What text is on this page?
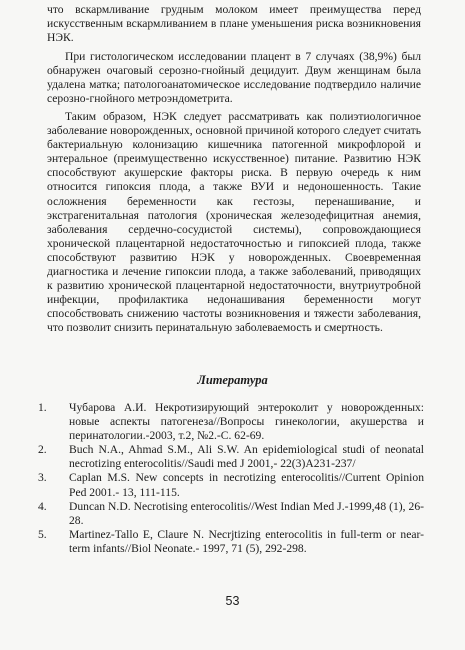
что вскармливание грудным молоком имеет преимущества перед искусственным вскармливанием в плане уменьшения риска возникновения НЭК.

При гистологическом исследовании плацент в 7 случаях (38,9%) был обнаружен очаговый серозно-гнойный децидуит. Двум женщинам была удалена матка; патологоанатомическое исследование подтвердило наличие серозно-гнойного метроэндометрита.

Таким образом, НЭК следует рассматривать как полиэтиологичное заболевание новорожденных, основной причиной которого следует считать бактериальную колонизацию кишечника патогенной микрофлорой и энтеральное (преимущественно искусственное) питание. Развитию НЭК способствуют акушерские факторы риска. В первую очередь к ним относится гипоксия плода, а также ВУИ и недоношенность. Такие осложнения беременности как гестозы, перенашивание, и экстрагенитальная патология (хроническая железодефицитная анемия, заболевания сердечно-сосудистой системы), сопровождающиеся хронической плацентарной недостаточностью и гипоксией плода, также способствуют развитию НЭК у новорожденных. Своевременная диагностика и лечение гипоксии плода, а также заболеваний, приводящих к развитию хронической плацентарной недостаточности, внутриутробной инфекции, профилактика недонашивания беременности могут способствовать снижению частоты возникновения и тяжести заболевания, что позволит снизить перинатальную заболеваемость и смертность.

Литература
1.	Чубарова А.И. Некротизирующий энтероколит у новорожденных: новые аспекты патогенеза//Вопросы гинекологии, акушерства и перинатологии.-2003, т.2, №2.-С. 62-69.
2.	Buch N.A., Ahmad S.M., Ali S.W. An epidemiological studi of neonatal necrotizing enterocolitis//Saudi med J 2001,- 22(3)A231-237/
3.	Caplan M.S. New concepts in necrotizing enterocolitis//Current Opinion Ped 2001.- 13, 111-115.
4.	Duncan N.D. Necrotising enterocolitis//West Indian Med J.-1999,48 (1), 26-28.
5.	Martinez-Tallo E, Claure N. Necrjtizing enterocolitis in full-term or near-term infants//Biol Neonate.- 1997, 71 (5), 292-298.
53
